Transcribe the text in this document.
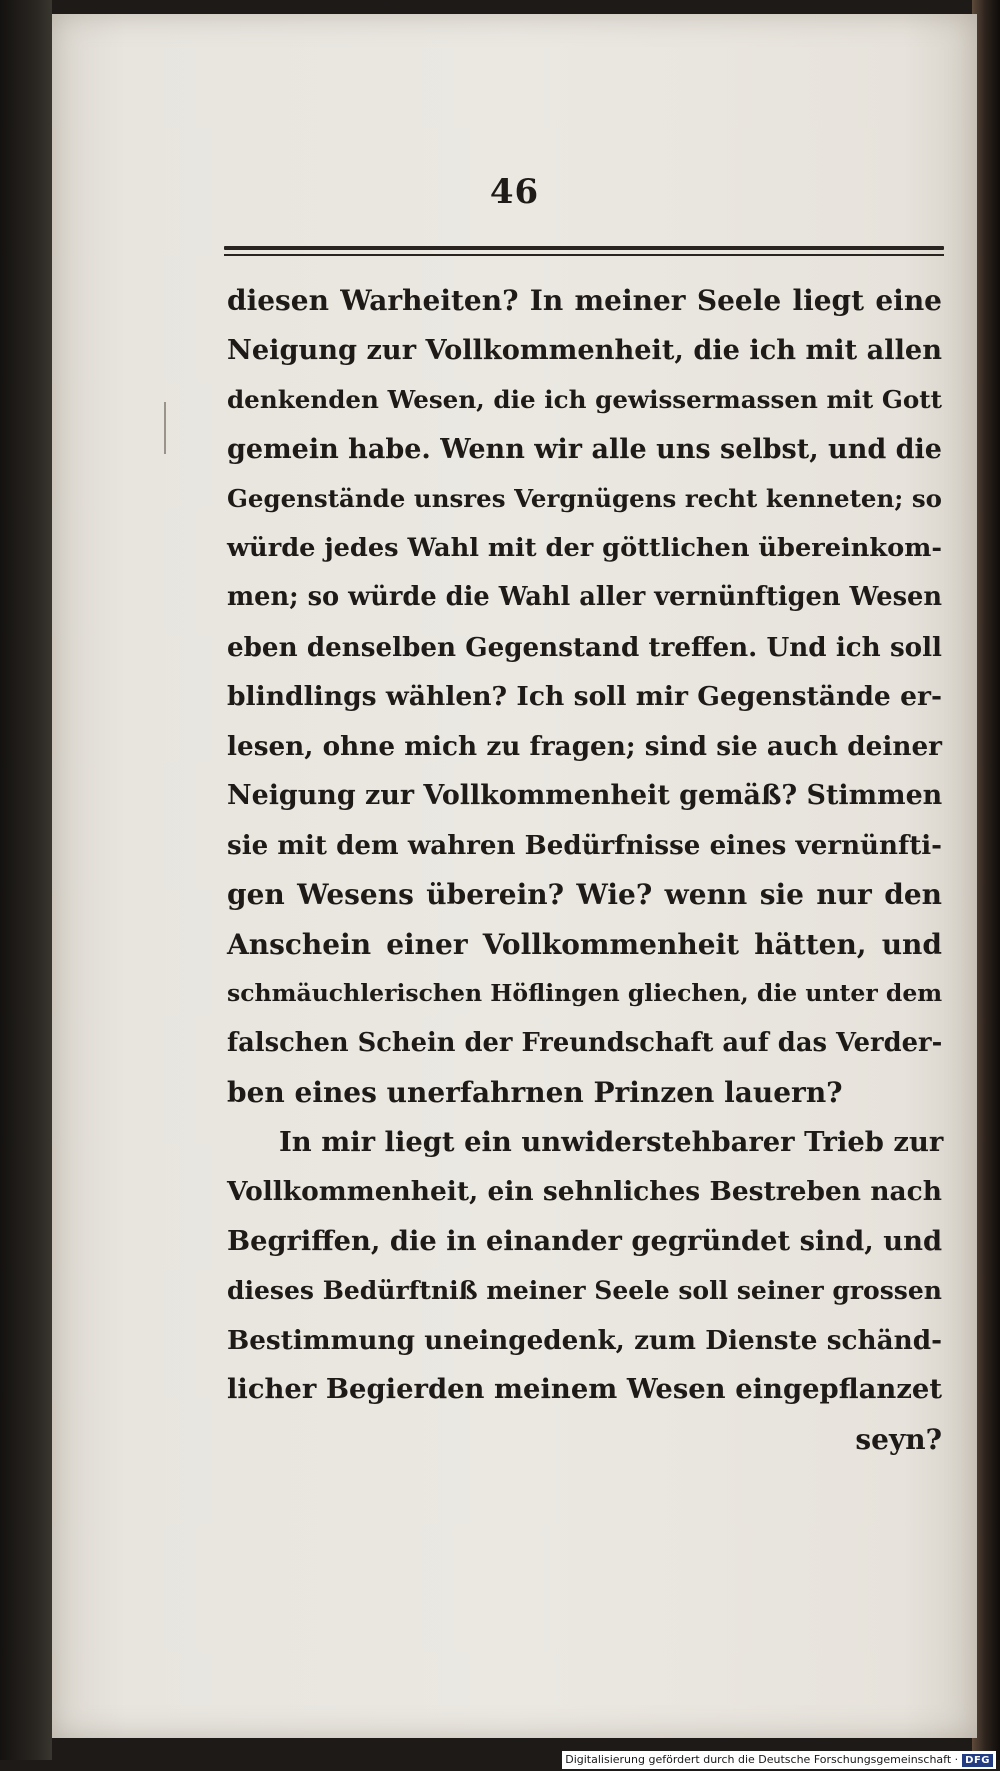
46
diesen Warheiten? In meiner Seele liegt eine
Neigung zur Vollkommenheit, die ich mit allen
denkenden Wesen, die ich gewissermassen mit Gott
gemein habe. Wenn wir alle uns selbst, und die
Gegenstände unsres Vergnügens recht kenneten; so
würde jedes Wahl mit der göttlichen übereinkom-
men; so würde die Wahl aller vernünftigen Wesen
eben denselben Gegenstand treffen. Und ich soll
blindlings wählen? Ich soll mir Gegenstände er-
lesen, ohne mich zu fragen; sind sie auch deiner
Neigung zur Vollkommenheit gemäß? Stimmen
sie mit dem wahren Bedürfnisse eines vernünfti-
gen Wesens überein? Wie? wenn sie nur den
Anschein einer Vollkommenheit hätten, und
schmäuchlerischen Höflingen gliechen, die unter dem
falschen Schein der Freundschaft auf das Verder-
ben eines unerfahrnen Prinzen lauern?
In mir liegt ein unwiderstehbarer Trieb zur
Vollkommenheit, ein sehnliches Bestreben nach
Begriffen, die in einander gegründet sind, und
dieses Bedürftniß meiner Seele soll seiner grossen
Bestimmung uneingedenk, zum Dienste schänd-
licher Begierden meinem Wesen eingepflanzet
seyn?
Digitalisierung gefördert durch die Deutsche Forschungsgemeinschaft · DFG
